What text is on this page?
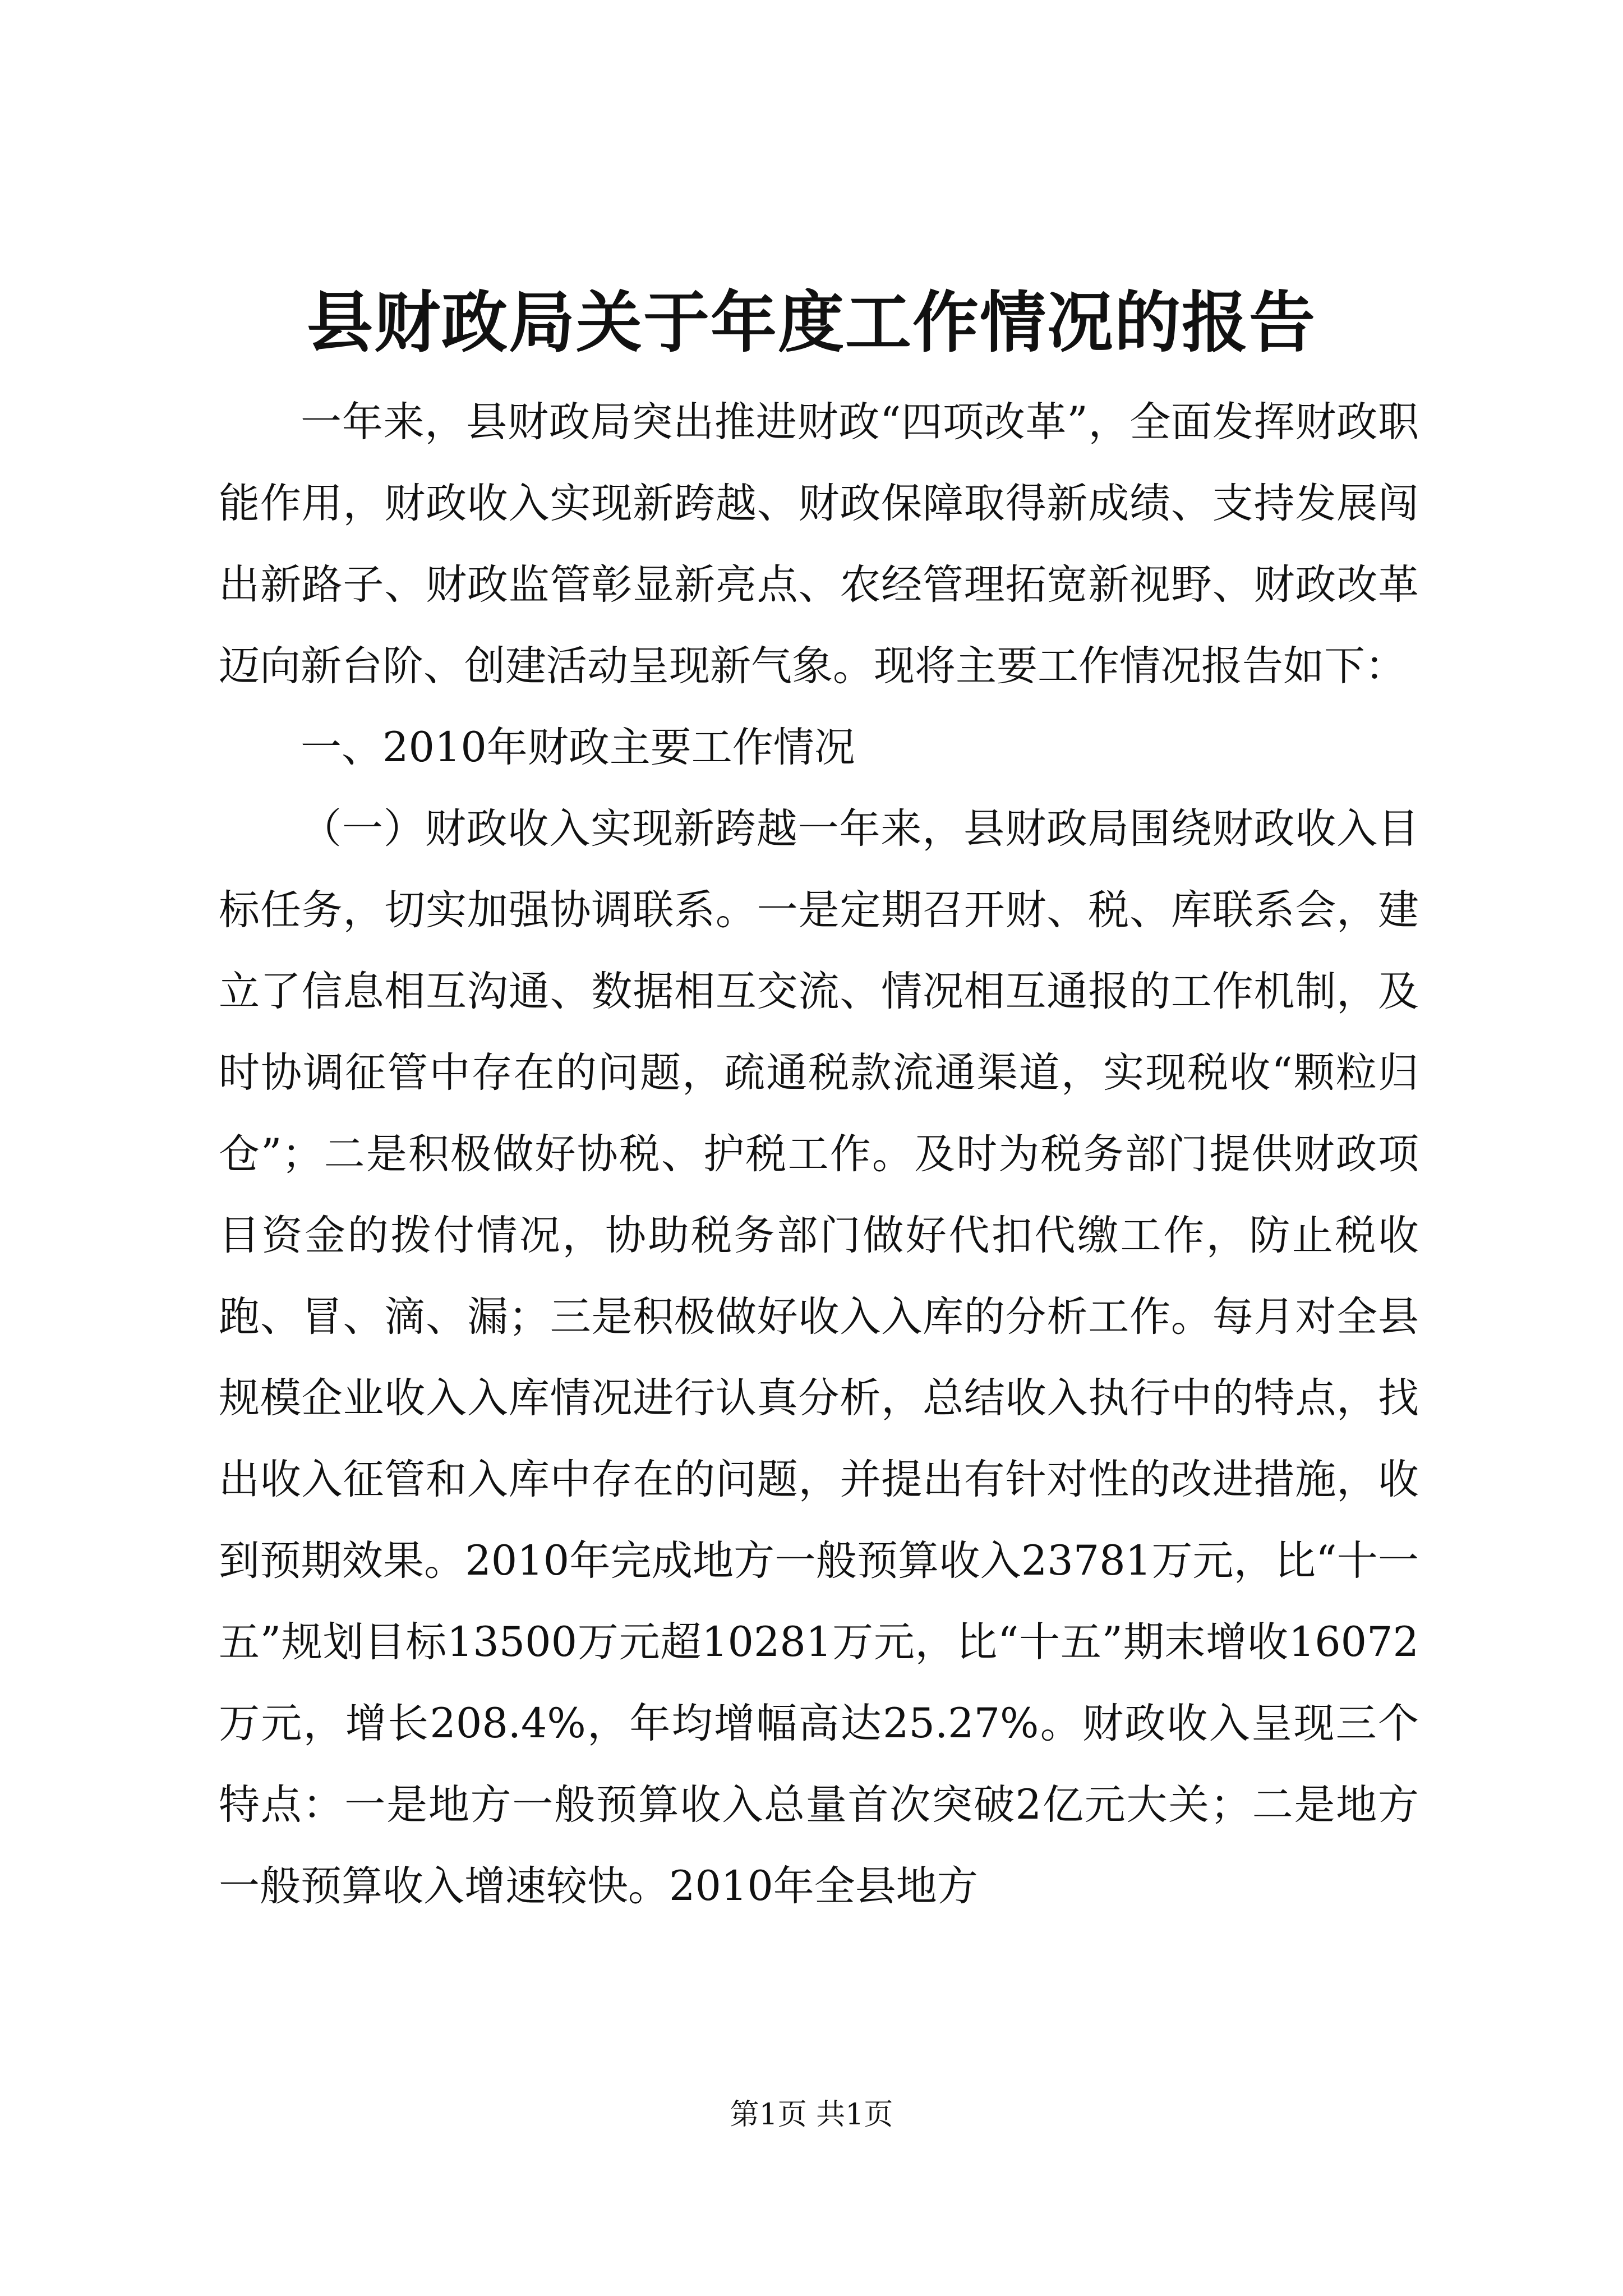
县财政局关于年度工作情况的报告

一年来，县财政局突出推进财政“四项改革”，全面发挥财政职能作用，财政收入实现新跨越、财政保障取得新成绩、支持发展闯出新路子、财政监管彰显新亮点、农经管理拓宽新视野、财政改革迈向新台阶、创建活动呈现新气象。现将主要工作情况报告如下：

一、2010年财政主要工作情况

（一）财政收入实现新跨越一年来，县财政局围绕财政收入目标任务，切实加强协调联系。一是定期召开财、税、库联系会，建立了信息相互沟通、数据相互交流、情况相互通报的工作机制，及时协调征管中存在的问题，疏通税款流通渠道，实现税收“颗粒归仓”；二是积极做好协税、护税工作。及时为税务部门提供财政项目资金的拨付情况，协助税务部门做好代扣代缴工作，防止税收跑、冒、滴、漏；三是积极做好收入入库的分析工作。每月对全县规模企业收入入库情况进行认真分析，总结收入执行中的特点，找出收入征管和入库中存在的问题，并提出有针对性的改进措施，收到预期效果。2010年完成地方一般预算收入23781万元，比“十一五”规划目标13500万元超10281万元，比“十五”期末增收16072万元，增长208.4%，年均增幅高达25.27%。财政收入呈现三个特点：一是地方一般预算收入总量首次突破2亿元大关；二是地方一般预算收入增速较快。2010年全县地方

第1页 共1页
